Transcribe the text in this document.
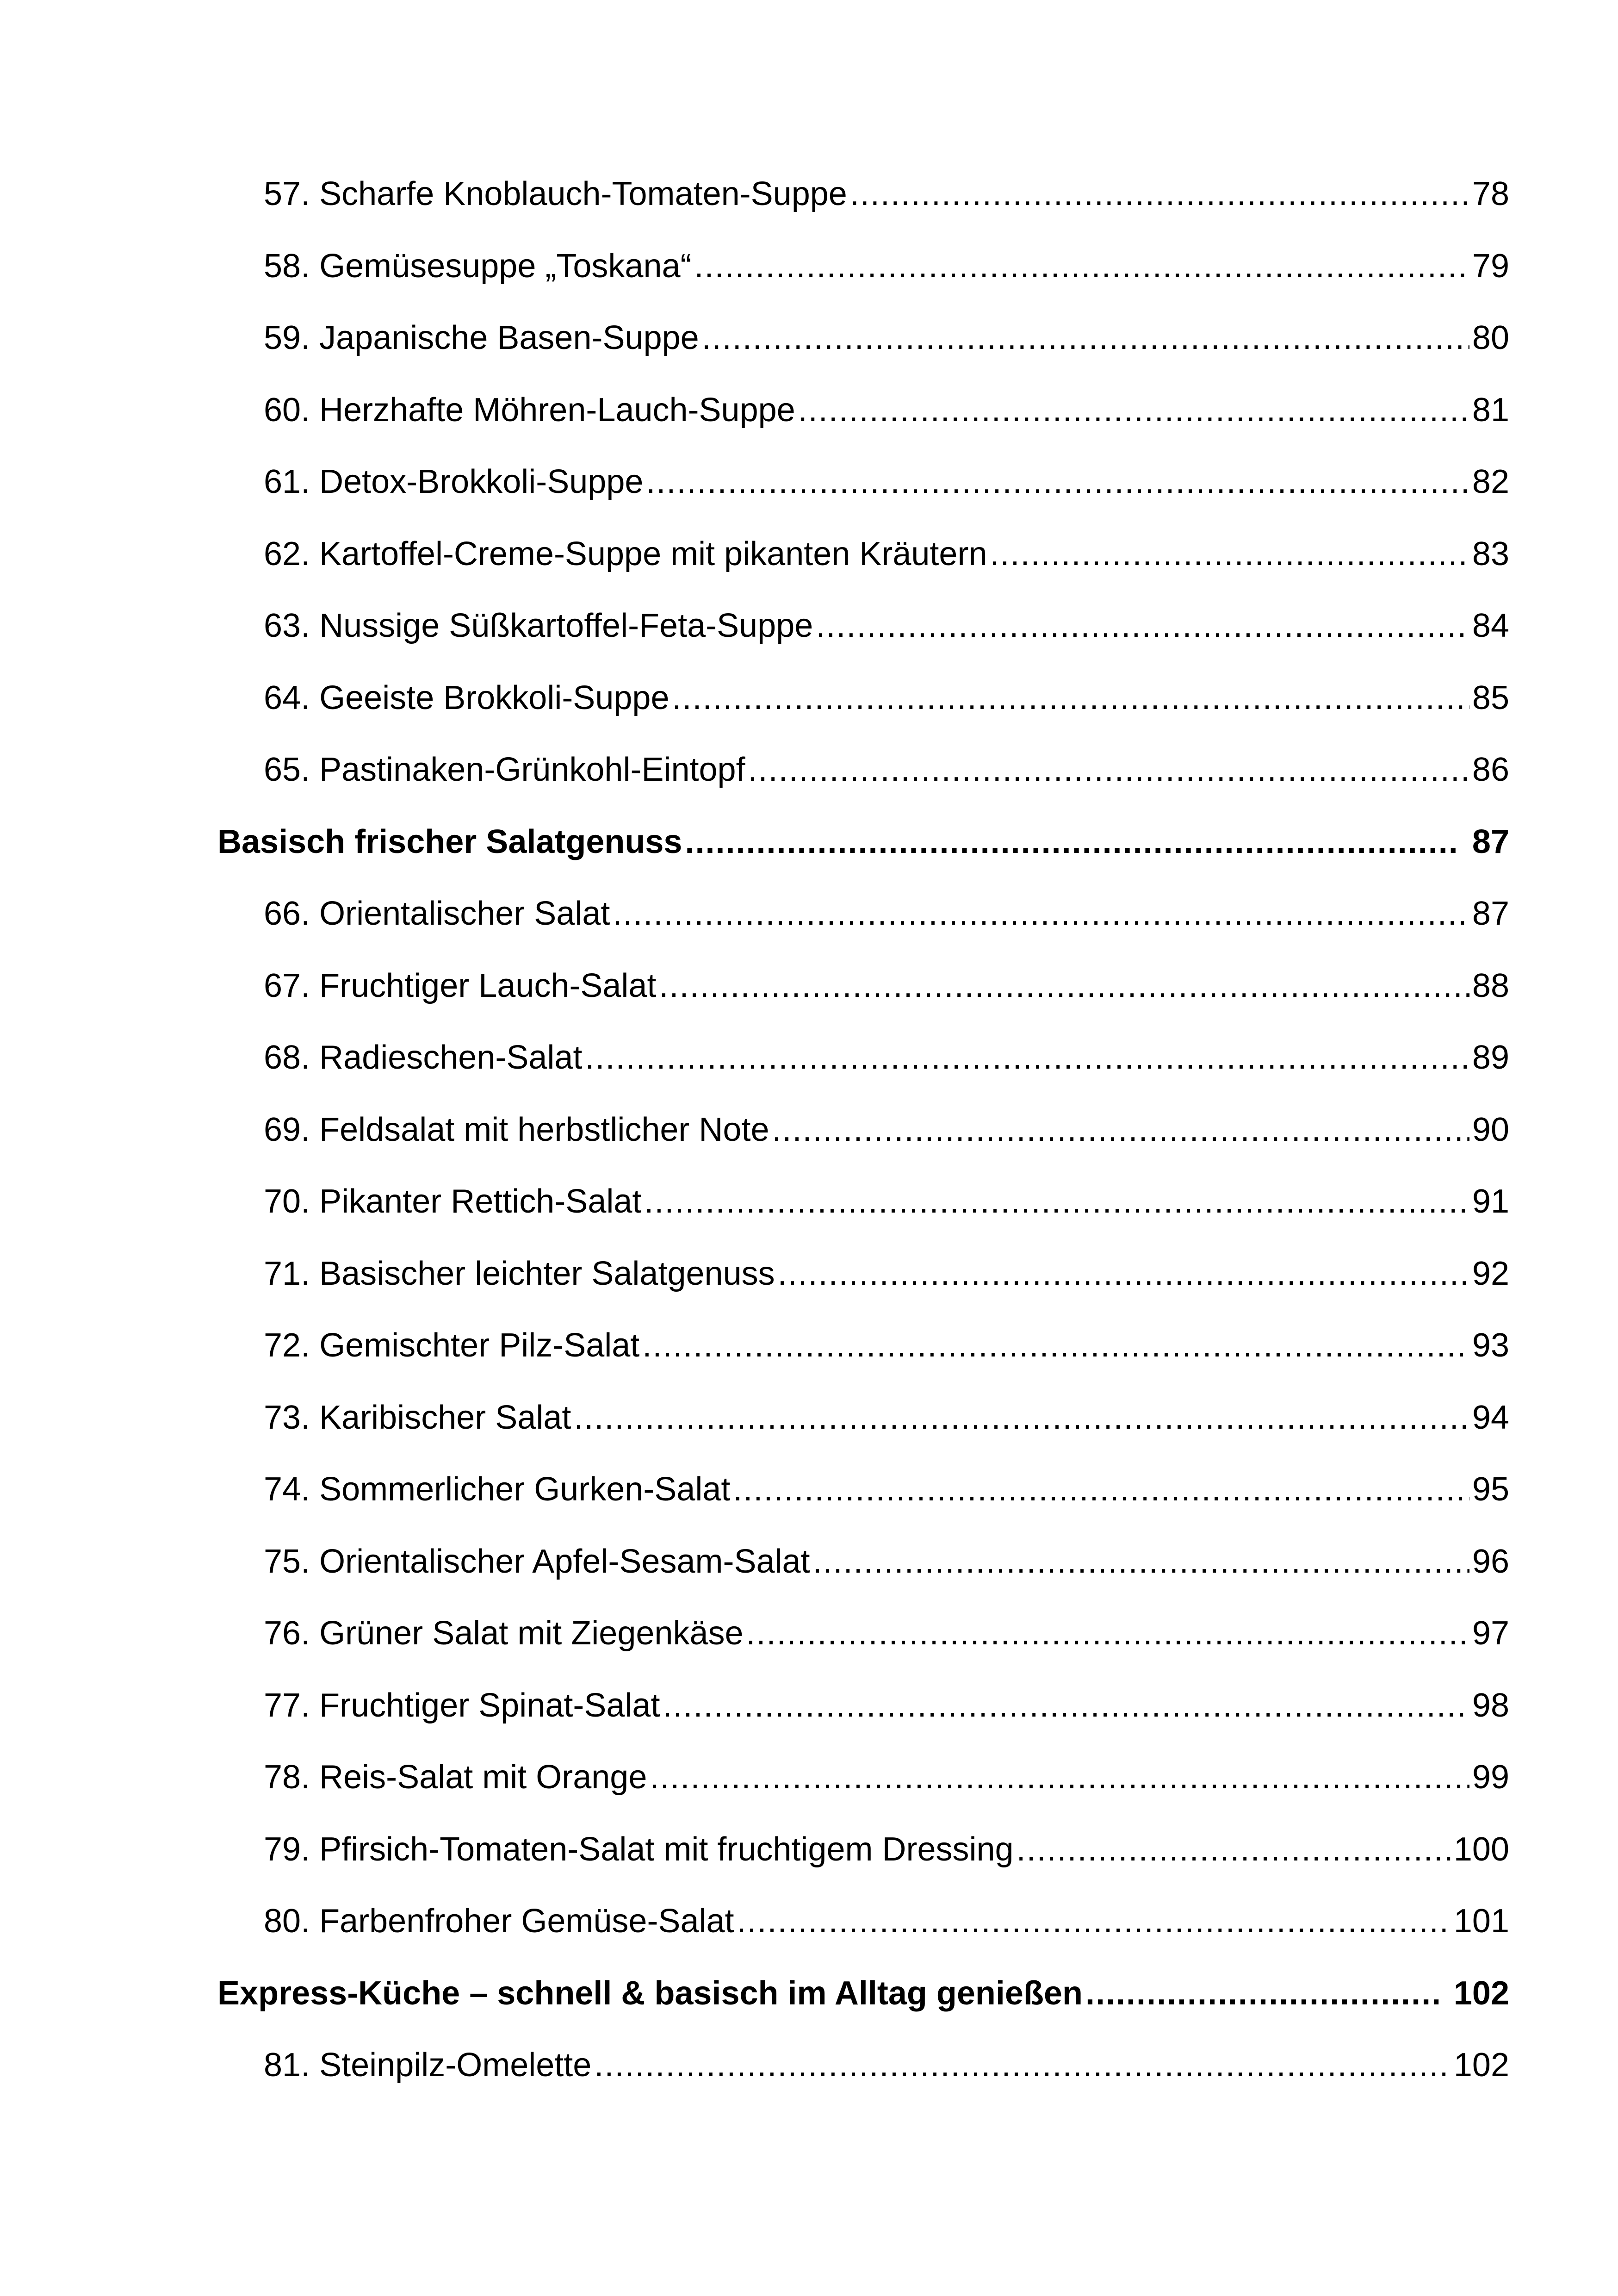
57. Scharfe Knoblauch-Tomaten-Suppe .....	78
58. Gemüsesuppe „Toskana“ .....	79
59. Japanische Basen-Suppe .....	80
60. Herzhafte Möhren-Lauch-Suppe .....	81
61. Detox-Brokkoli-Suppe .....	82
62. Kartoffel-Creme-Suppe mit pikanten Kräutern .....	83
63. Nussige Süßkartoffel-Feta-Suppe .....	84
64. Geeiste Brokkoli-Suppe .....	85
65. Pastinaken-Grünkohl-Eintopf .....	86
Basisch frischer Salatgenuss .....	87
66. Orientalischer Salat .....	87
67. Fruchtiger Lauch-Salat .....	88
68. Radieschen-Salat .....	89
69. Feldsalat mit herbstlicher Note .....	90
70. Pikanter Rettich-Salat .....	91
71. Basischer leichter Salatgenuss .....	92
72. Gemischter Pilz-Salat .....	93
73. Karibischer Salat .....	94
74. Sommerlicher Gurken-Salat .....	95
75. Orientalischer Apfel-Sesam-Salat .....	96
76. Grüner Salat mit Ziegenkäse .....	97
77. Fruchtiger Spinat-Salat .....	98
78. Reis-Salat mit Orange .....	99
79. Pfirsich-Tomaten-Salat mit fruchtigem Dressing .....	100
80. Farbenfroher Gemüse-Salat .....	101
Express-Küche – schnell & basisch im Alltag genießen .....	102
81. Steinpilz-Omelette .....	102
